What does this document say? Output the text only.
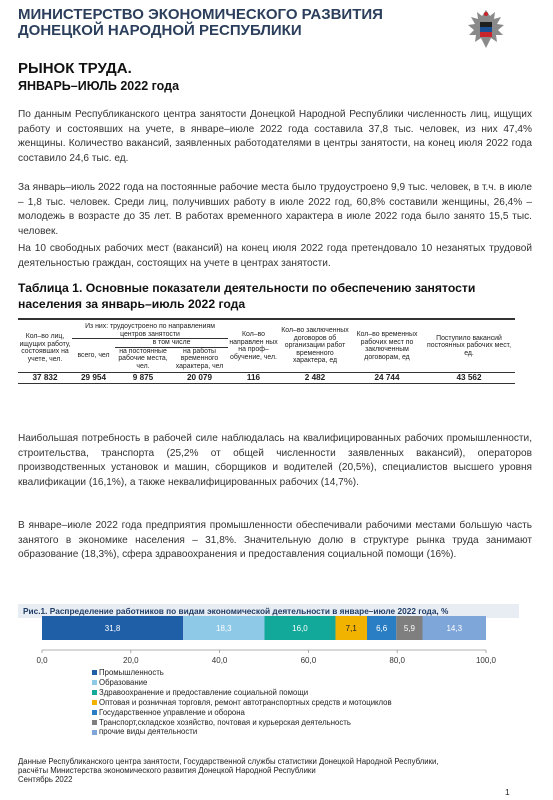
МИНИСТЕРСТВО ЭКОНОМИЧЕСКОГО РАЗВИТИЯ
ДОНЕЦКОЙ НАРОДНОЙ РЕСПУБЛИКИ
РЫНОК ТРУДА.
ЯНВАРЬ–ИЮЛЬ 2022 года

По данным Республиканского центра занятости Донецкой Народной Республики численность лиц, ищущих работу и состоявших на учете, в январе–июле 2022 года составила 37,8 тыс. человек, из них 47,4% женщины. Количество вакансий, заявленных работодателями в центры занятости, на конец июля 2022 года составило 24,6 тыс. ед.

За январь–июль 2022 года на постоянные рабочие места было трудоустроено 9,9 тыс. человек, в т.ч. в июле – 1,8 тыс. человек. Среди лиц, получивших работу в июле 2022 год, 60,8% составили женщины, 26,4% – молодежь в возрасте до 35 лет. В работах временного характера в июле 2022 года было занято 15,5 тыс. человек.

На 10 свободных рабочих мест (вакансий) на конец июля 2022 года претендовало 10 незанятых трудовой деятельностью граждан, состоящих на учете в центрах занятости.

Таблица 1. Основные показатели деятельности по обеспечению занятости населения за январь–июль 2022 года
Кол–во лиц, ищущих работу, состоявших на учете, чел.	Из них: трудоустроено по направлениям центров занятости			Кол–во направлен ных на проф– обучение, чел.	Кол–во заключенных договоров об организации работ временного характера, ед	Кол–во временных рабочих мест по заключенным договорам, ед	Поступило вакансий постоянных рабочих мест, ед.
	всего, чел	в том числе					
		на постоянные рабочие места, чел.	на работы временного характера, чел				
37 832	29 954	9 875	20 079	116	2 482	24 744	43 562

Наибольшая потребность в рабочей силе наблюдалась на квалифицированных рабочих промышленности, строительства, транспорта (25,2% от общей численности заявленных вакансий), операторов производственных установок и машин, сборщиков и водителей (20,5%), специалистов высшего уровня квалификации (16,1%), а также неквалифицированных рабочих (14,7%).

В январе–июле 2022 года предприятия промышленности обеспечивали рабочими местами большую часть занятого в экономике населения – 31,8%. Значительную долю в структуре рынка труда занимают образование (18,3%), сфера здравоохранения и предоставления социальной помощи (16%).

Рис.1. Распределение работников по видам экономической деятельности в январе–июле 2022 года, %
31,8	18,3	16,0	7,1 6,6 5,9	14,3
0,0	20,0	40,0	60,0	80,0	100,0
Промышленность
Образование
Здравоохранение и предоставление социальной помощи
Оптовая и розничная торговля, ремонт автотранспортных средств и мотоциклов
Государственное управление и оборона
Транспорт,складское хозяйство, почтовая и курьерская деятельность
прочие виды деятельности
Данные Республиканского центра занятости, Государственной службы статистики Донецкой Народной Республики,
расчёты Министерства экономического развития Донецкой Народной Республики
Сентябрь 2022
1
